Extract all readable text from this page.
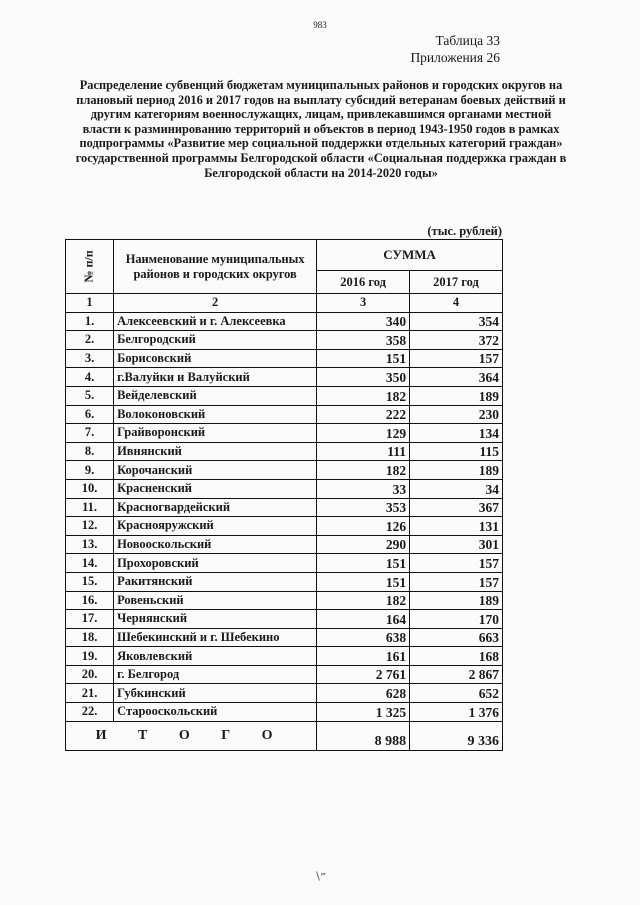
983
Таблица 33
Приложения 26
Распределение субвенций бюджетам муниципальных районов и городских округов на плановый период 2016 и 2017 годов на выплату субсидий ветеранам боевых действий и другим категориям военнослужащих, лицам, привлекавшимся органами местной власти к разминированию территорий и объектов в период 1943-1950 годов в рамках подпрограммы «Развитие мер социальной поддержки отдельных категорий граждан» государственной программы Белгородской области «Социальная поддержка граждан в Белгородской области на 2014-2020 годы»
(тыс. рублей)
№ п/п	Наименование муниципальных районов и городских округов	СУММА	
		2016 год	2017 год
1	2	3	4
1.	Алексеевский и г. Алексеевка	340	354
2.	Белгородский	358	372
3.	Борисовский	151	157
4.	г.Валуйки и Валуйский	350	364
5.	Вейделевский	182	189
6.	Волоконовский	222	230
7.	Грайворонский	129	134
8.	Ивнянский	111	115
9.	Корочанский	182	189
10.	Красненский	33	34
11.	Красногвардейский	353	367
12.	Краснояружский	126	131
13.	Новооскольский	290	301
14.	Прохоровский	151	157
15.	Ракитянский	151	157
16.	Ровеньский	182	189
17.	Чернянский	164	170
18.	Шебекинский и г. Шебекино	638	663
19.	Яковлевский	161	168
20.	г. Белгород	2 761	2 867
21.	Губкинский	628	652
22.	Старооскольский	1 325	1 376
И Т О Г О		8 988	9 336
∖‴
